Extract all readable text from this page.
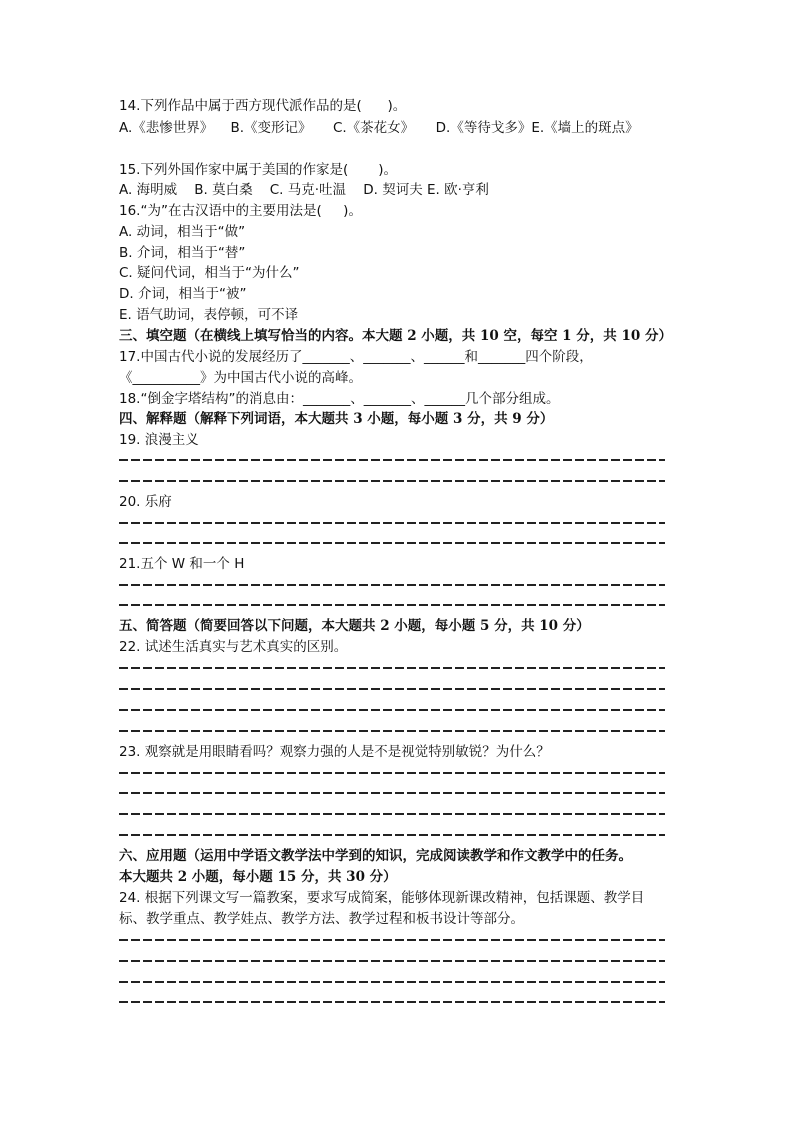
14.下列作品中属于西方现代派作品的是(      )。
A.《悲惨世界》    B.《变形记》     C.《茶花女》     D.《等待戈多》E.《墙上的斑点》
15.下列外国作家中属于美国的作家是(       )。
A. 海明威    B. 莫白桑    C. 马克·吐温    D. 契诃夫 E. 欧·亨利
16.“为”在古汉语中的主要用法是(     )。
A. 动词，相当于“做”
B. 介词，相当于“替”
C. 疑问代词，相当于“为什么”
D. 介词，相当于“被”
E. 语气助词，表停顿，可不译
三、填空题（在横线上填写恰当的内容。本大题 2 小题，共 10 空，每空 1 分，共 10 分）
17.中国古代小说的发展经历了_______、_______、______和_______四个阶段，
《__________》为中国古代小说的高峰。
18.“倒金字塔结构”的消息由：_______、_______、______几个部分组成。
四、解释题（解释下列词语，本大题共 3 小题，每小题 3 分，共 9 分）
19. 浪漫主义
20. 乐府
21.五个 W 和一个 H
五、简答题（简要回答以下问题，本大题共 2 小题，每小题 5 分，共 10 分）
22. 试述生活真实与艺术真实的区别。
23. 观察就是用眼睛看吗？观察力强的人是不是视觉特别敏锐？为什么？
六、应用题（运用中学语文教学法中学到的知识，完成阅读教学和作文教学中的任务。
本大题共 2 小题，每小题 15 分，共 30 分）
24. 根据下列课文写一篇教案，要求写成简案，能够体现新课改精神，包括课题、教学目
标、教学重点、教学娃点、教学方法、教学过程和板书设计等部分。
